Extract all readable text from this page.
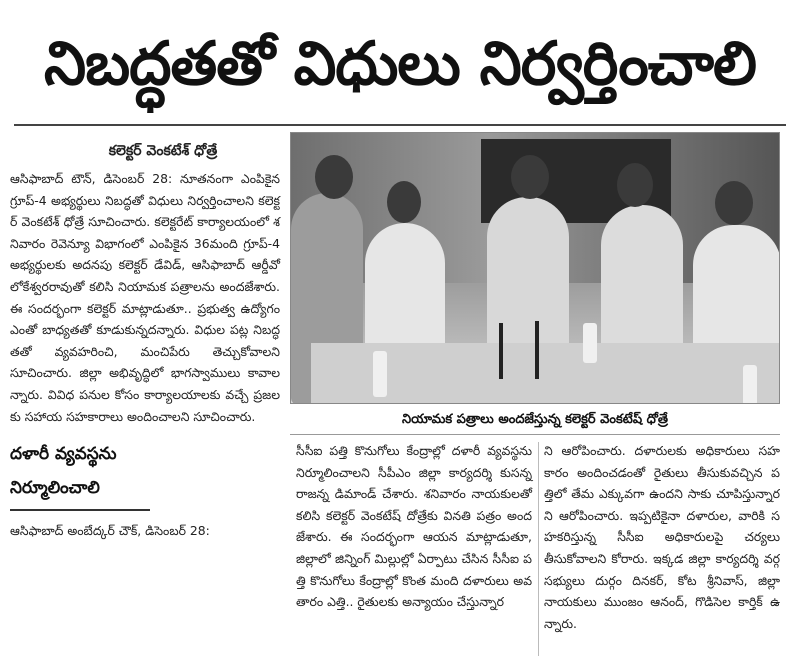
నిబద్ధతతో విధులు నిర్వర్తించాలి
కలెక్టర్ వెంకటేశ్ ధోత్రే

ఆసిఫాబాద్ టౌన్, డిసెంబర్ 28: నూతనంగా ఎంపికైన గ్రూప్-4 అభ్యర్థులు నిబద్ధతో విధులు నిర్వర్తించాలని కలెక్టర్ వెంకటేశ్ ధోత్రే సూచించారు. కలెక్టరేట్ కార్యాలయంలో శనివారం రెవెన్యూ విభాగంలో ఎంపికైన 36మంది గ్రూప్-4 అభ్యర్థులకు అదనపు కలెక్టర్ డేవిడ్, ఆసిఫాబాద్ ఆర్డీవో లోకేశ్వరరావుతో కలిసి నియామక పత్రాలను అందజేశారు. ఈ సందర్భంగా కలెక్టర్ మాట్లాడుతూ.. ప్రభుత్వ ఉద్యోగం ఎంతో బాధ్యతతో కూడుకున్నదన్నారు. విధుల పట్ల నిబద్ధతతో వ్యవహరించి, మంచిపేరు తెచ్చుకోవాలని సూచించారు. జిల్లా అభివృద్ధిలో భాగస్వాములు కావాలన్నారు. వివిధ పనుల కోసం కార్యాలయాలకు వచ్చే ప్రజలకు సహాయ సహకారాలు అందించాలని సూచించారు.

దళారీ వ్యవస్థను
నిర్మూలించాలి
ఆసిఫాబాద్ అంబేద్కర్ చౌక్, డిసెంబర్ 28:
నియామక పత్రాలు అందజేస్తున్న కలెక్టర్ వెంకటేష్ ధోత్రే

సీసీఐ పత్తి కొనుగోలు కేంద్రాల్లో దళారీ వ్యవస్థను నిర్మూలించాలని సీపీఎం జిల్లా కార్యదర్శి కుసన్న రాజన్న డిమాండ్ చేశారు. శనివారం నాయకులతో కలిసి కలెక్టర్ వెంకటేష్ దోత్రేకు వినతి పత్రం అందజేశారు. ఈ సందర్భంగా ఆయన మాట్లాడుతూ, జిల్లాలో జిన్నింగ్ మిల్లుల్లో ఏర్పాటు చేసిన సీసీఐ పత్తి కొనుగోలు కేంద్రాల్లో కొంత మంది దళారులు అవతారం ఎత్తి.. రైతులకు అన్యాయం చేస్తున్నార

ని ఆరోపించారు. దళారులకు అధికారులు సహకారం అందించడంతో రైతులు తీసుకువచ్చిన పత్తిలో తేమ ఎక్కువగా ఉందని సాకు చూపిస్తున్నారని ఆరోపించారు. ఇప్పటికైనా దళారుల, వారికి సహకరిస్తున్న సీసీఐ అధికారులపై చర్యలు తీసుకోవాలని కోరారు. ఇక్కడ జిల్లా కార్యదర్శి వర్గ సభ్యులు దుర్గం దినకర్, కోట శ్రీనివాస్, జిల్లా నాయకులు ముంజం ఆనంద్, గొడిసెల కార్తిక్ ఉన్నారు.
